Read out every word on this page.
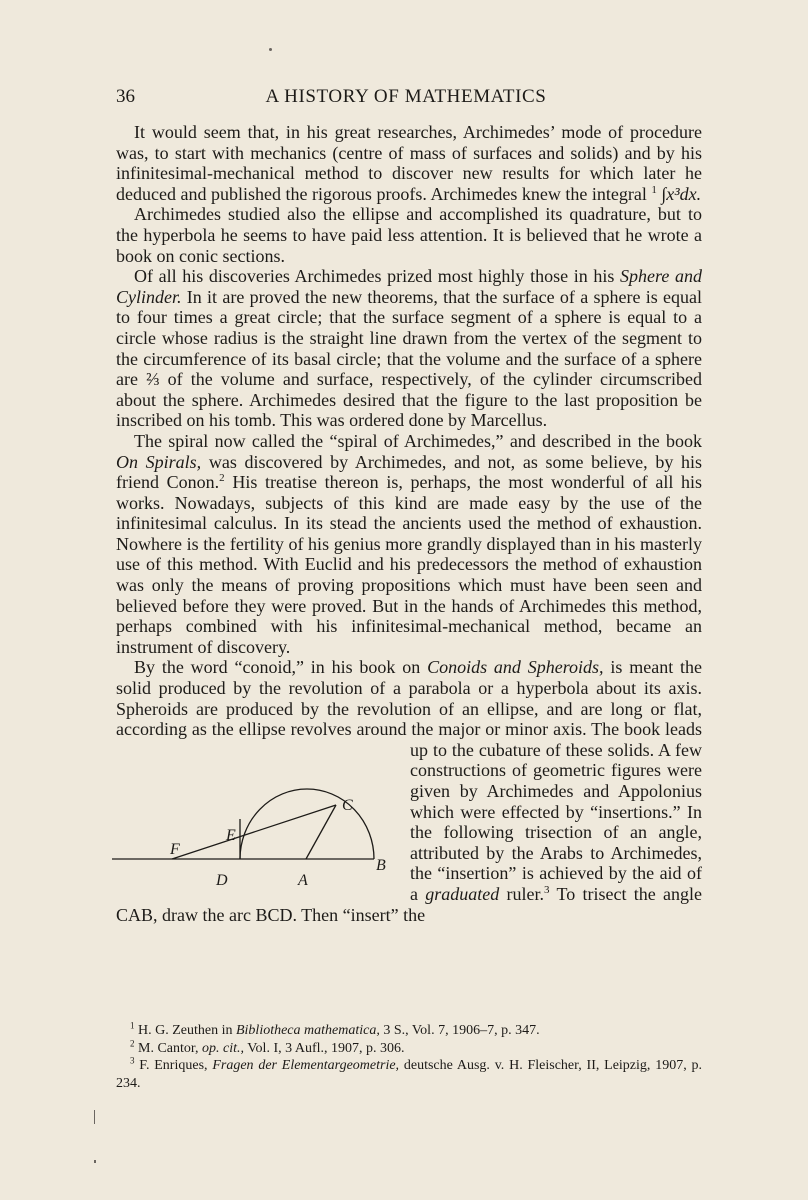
36	A HISTORY OF MATHEMATICS

It would seem that, in his great researches, Archimedes’ mode of procedure was, to start with mechanics (centre of mass of surfaces and solids) and by his infinitesimal-mechanical method to discover new results for which later he deduced and published the rigorous proofs. Archimedes knew the integral $^1$ ∫x³dx.

Archimedes studied also the ellipse and accomplished its quadrature, but to the hyperbola he seems to have paid less attention. It is believed that he wrote a book on conic sections.

Of all his discoveries Archimedes prized most highly those in his Sphere and Cylinder. In it are proved the new theorems, that the surface of a sphere is equal to four times a great circle; that the surface segment of a sphere is equal to a circle whose radius is the straight line drawn from the vertex of the segment to the circumference of its basal circle; that the volume and the surface of a sphere are ⅔ of the volume and surface, respectively, of the cylinder circumscribed about the sphere. Archimedes desired that the figure to the last proposition be inscribed on his tomb. This was ordered done by Marcellus.

The spiral now called the “spiral of Archimedes,” and described in the book On Spirals, was discovered by Archimedes, and not, as some believe, by his friend Conon.$^2$ His treatise thereon is, perhaps, the most wonderful of all his works. Nowadays, subjects of this kind are made easy by the use of the infinitesimal calculus. In its stead the ancients used the method of exhaustion. Nowhere is the fertility of his genius more grandly displayed than in his masterly use of this method. With Euclid and his predecessors the method of exhaustion was only the means of proving propositions which must have been seen and believed before they were proved. But in the hands of Archimedes this method, perhaps combined with his infinitesimal-mechanical method, became an instrument of discovery.

By the word “conoid,” in his book on Conoids and Spheroids, is meant the solid produced by the revolution of a parabola or a hyperbola about its axis. Spheroids are produced by the revolution of an ellipse, and are long or flat, according as the ellipse revolves around the major or minor axis. The book leads up to the cubature of these
C
E
F
B
D	A
solids. A few constructions of geometric figures were given by Archimedes and Appolonius which were effected by “insertions.” In the following trisection of an angle, attributed by the Arabs to Archimedes, the “insertion” is achieved by the aid of a graduated ruler.$^3$ To trisect the angle CAB, draw the arc BCD. Then “insert” the

$^1$ H. G. Zeuthen in Bibliotheca mathematica, 3 S., Vol. 7, 1906–7, p. 347.
$^2$ M. Cantor, op. cit., Vol. I, 3 Aufl., 1907, p. 306.
$^3$ F. Enriques, Fragen der Elementargeometrie, deutsche Ausg. v. H. Fleischer, II, Leipzig, 1907, p. 234.
